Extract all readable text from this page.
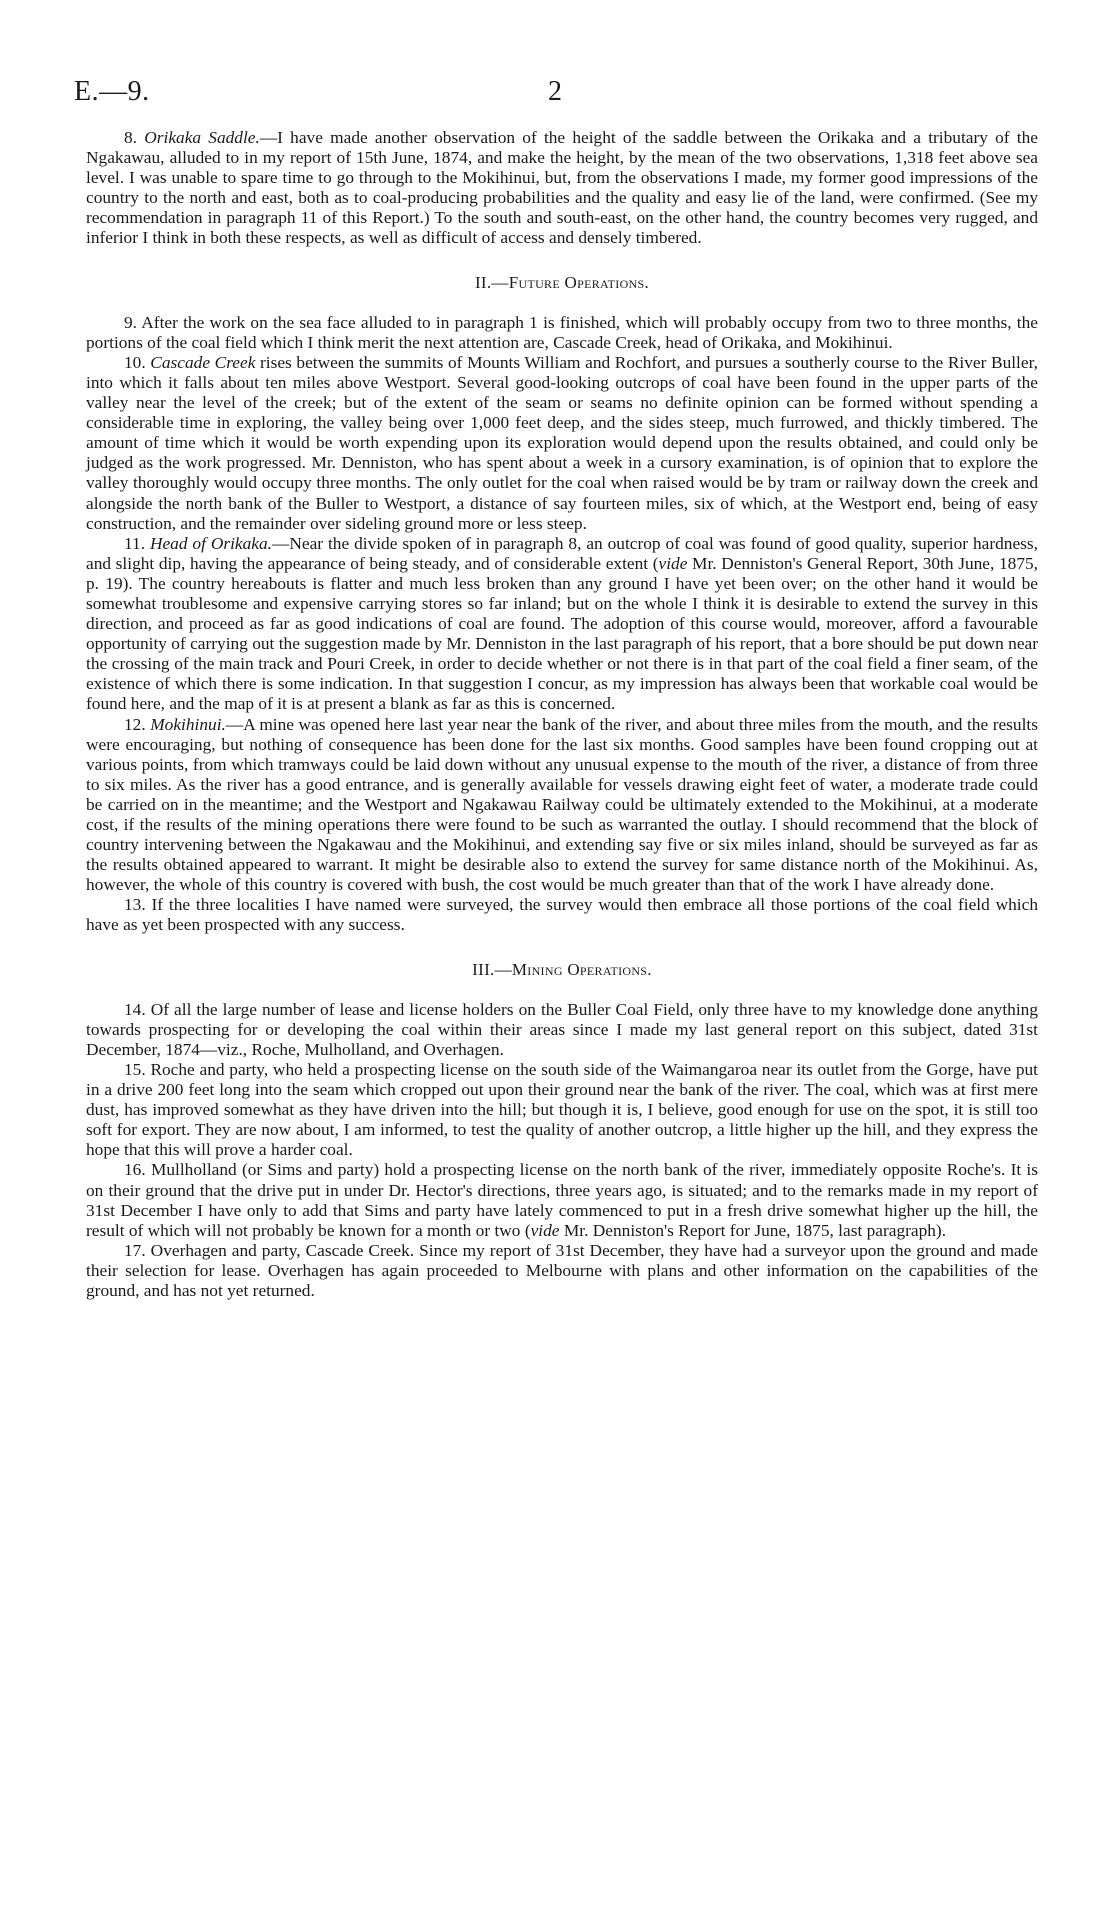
E.—9.	2

8. Orikaka Saddle.—I have made another observation of the height of the saddle between the Orikaka and a tributary of the Ngakawau, alluded to in my report of 15th June, 1874, and make the height, by the mean of the two observations, 1,318 feet above sea level. I was unable to spare time to go through to the Mokihinui, but, from the observations I made, my former good impressions of the country to the north and east, both as to coal-producing probabilities and the quality and easy lie of the land, were confirmed. (See my recommendation in paragraph 11 of this Report.) To the south and south-east, on the other hand, the country becomes very rugged, and inferior I think in both these respects, as well as difficult of access and densely timbered.

II.—Future Operations.

9. After the work on the sea face alluded to in paragraph 1 is finished, which will probably occupy from two to three months, the portions of the coal field which I think merit the next attention are, Cascade Creek, head of Orikaka, and Mokihinui.

10. Cascade Creek rises between the summits of Mounts William and Rochfort, and pursues a southerly course to the River Buller, into which it falls about ten miles above Westport. Several good-looking outcrops of coal have been found in the upper parts of the valley near the level of the creek; but of the extent of the seam or seams no definite opinion can be formed without spending a considerable time in exploring, the valley being over 1,000 feet deep, and the sides steep, much furrowed, and thickly timbered. The amount of time which it would be worth expending upon its exploration would depend upon the results obtained, and could only be judged as the work progressed. Mr. Denniston, who has spent about a week in a cursory examination, is of opinion that to explore the valley thoroughly would occupy three months. The only outlet for the coal when raised would be by tram or railway down the creek and alongside the north bank of the Buller to Westport, a distance of say fourteen miles, six of which, at the Westport end, being of easy construction, and the remainder over sideling ground more or less steep.

11. Head of Orikaka.—Near the divide spoken of in paragraph 8, an outcrop of coal was found of good quality, superior hardness, and slight dip, having the appearance of being steady, and of considerable extent (vide Mr. Denniston's General Report, 30th June, 1875, p. 19). The country hereabouts is flatter and much less broken than any ground I have yet been over; on the other hand it would be somewhat troublesome and expensive carrying stores so far inland; but on the whole I think it is desirable to extend the survey in this direction, and proceed as far as good indications of coal are found. The adoption of this course would, moreover, afford a favourable opportunity of carrying out the suggestion made by Mr. Denniston in the last paragraph of his report, that a bore should be put down near the crossing of the main track and Pouri Creek, in order to decide whether or not there is in that part of the coal field a finer seam, of the existence of which there is some indication. In that suggestion I concur, as my impression has always been that workable coal would be found here, and the map of it is at present a blank as far as this is concerned.

12. Mokihinui.—A mine was opened here last year near the bank of the river, and about three miles from the mouth, and the results were encouraging, but nothing of consequence has been done for the last six months. Good samples have been found cropping out at various points, from which tramways could be laid down without any unusual expense to the mouth of the river, a distance of from three to six miles. As the river has a good entrance, and is generally available for vessels drawing eight feet of water, a moderate trade could be carried on in the meantime; and the Westport and Ngakawau Railway could be ultimately extended to the Mokihinui, at a moderate cost, if the results of the mining operations there were found to be such as warranted the outlay. I should recommend that the block of country intervening between the Ngakawau and the Mokihinui, and extending say five or six miles inland, should be surveyed as far as the results obtained appeared to warrant. It might be desirable also to extend the survey for same distance north of the Mokihinui. As, however, the whole of this country is covered with bush, the cost would be much greater than that of the work I have already done.

13. If the three localities I have named were surveyed, the survey would then embrace all those portions of the coal field which have as yet been prospected with any success.

III.—Mining Operations.

14. Of all the large number of lease and license holders on the Buller Coal Field, only three have to my knowledge done anything towards prospecting for or developing the coal within their areas since I made my last general report on this subject, dated 31st December, 1874—viz., Roche, Mulholland, and Overhagen.

15. Roche and party, who held a prospecting license on the south side of the Waimangaroa near its outlet from the Gorge, have put in a drive 200 feet long into the seam which cropped out upon their ground near the bank of the river. The coal, which was at first mere dust, has improved somewhat as they have driven into the hill; but though it is, I believe, good enough for use on the spot, it is still too soft for export. They are now about, I am informed, to test the quality of another outcrop, a little higher up the hill, and they express the hope that this will prove a harder coal.

16. Mullholland (or Sims and party) hold a prospecting license on the north bank of the river, immediately opposite Roche's. It is on their ground that the drive put in under Dr. Hector's directions, three years ago, is situated; and to the remarks made in my report of 31st December I have only to add that Sims and party have lately commenced to put in a fresh drive somewhat higher up the hill, the result of which will not probably be known for a month or two (vide Mr. Denniston's Report for June, 1875, last paragraph).

17. Overhagen and party, Cascade Creek. Since my report of 31st December, they have had a surveyor upon the ground and made their selection for lease. Overhagen has again proceeded to Melbourne with plans and other information on the capabilities of the ground, and has not yet returned.
